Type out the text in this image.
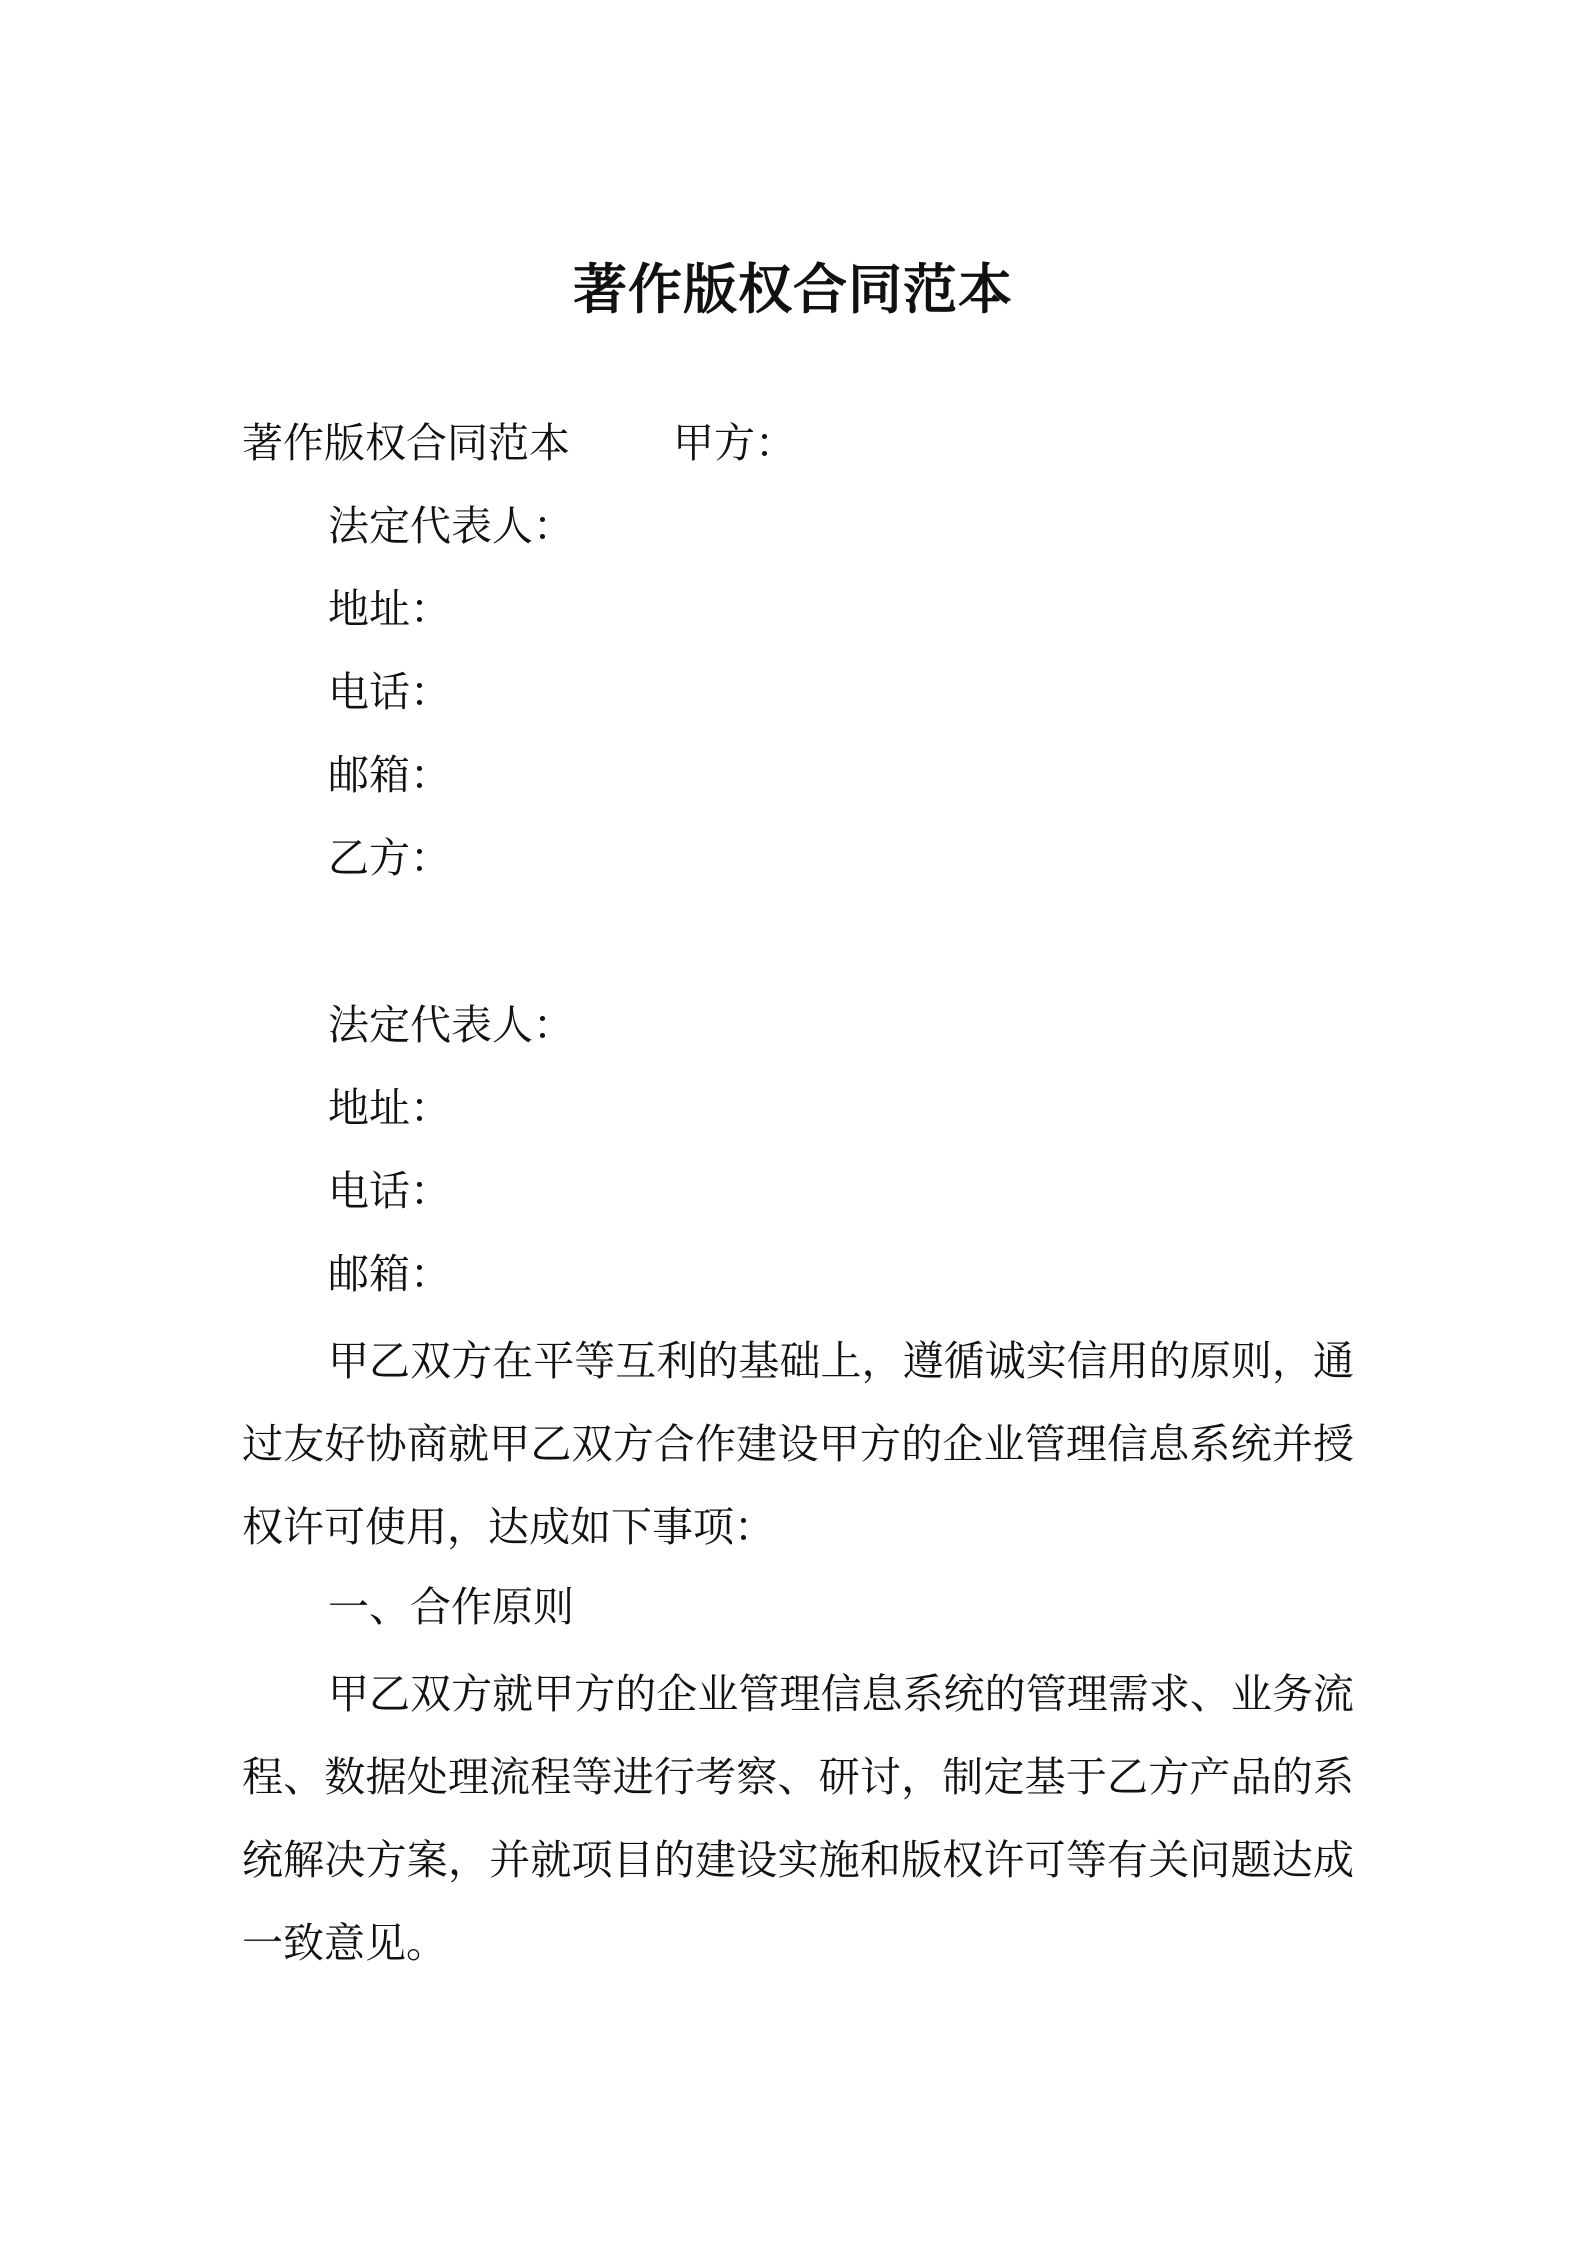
著作版权合同范本
著作版权合同范本	甲方：
法定代表人：
地址：
电话：
邮箱：
乙方：
法定代表人：
地址：
电话：
邮箱：
甲乙双方在平等互利的基础上，遵循诚实信用的原则，通过友好协商就甲乙双方合作建设甲方的企业管理信息系统并授权许可使用，达成如下事项：
一、合作原则
甲乙双方就甲方的企业管理信息系统的管理需求、业务流程、数据处理流程等进行考察、研讨，制定基于乙方产品的系统解决方案，并就项目的建设实施和版权许可等有关问题达成一致意见。
